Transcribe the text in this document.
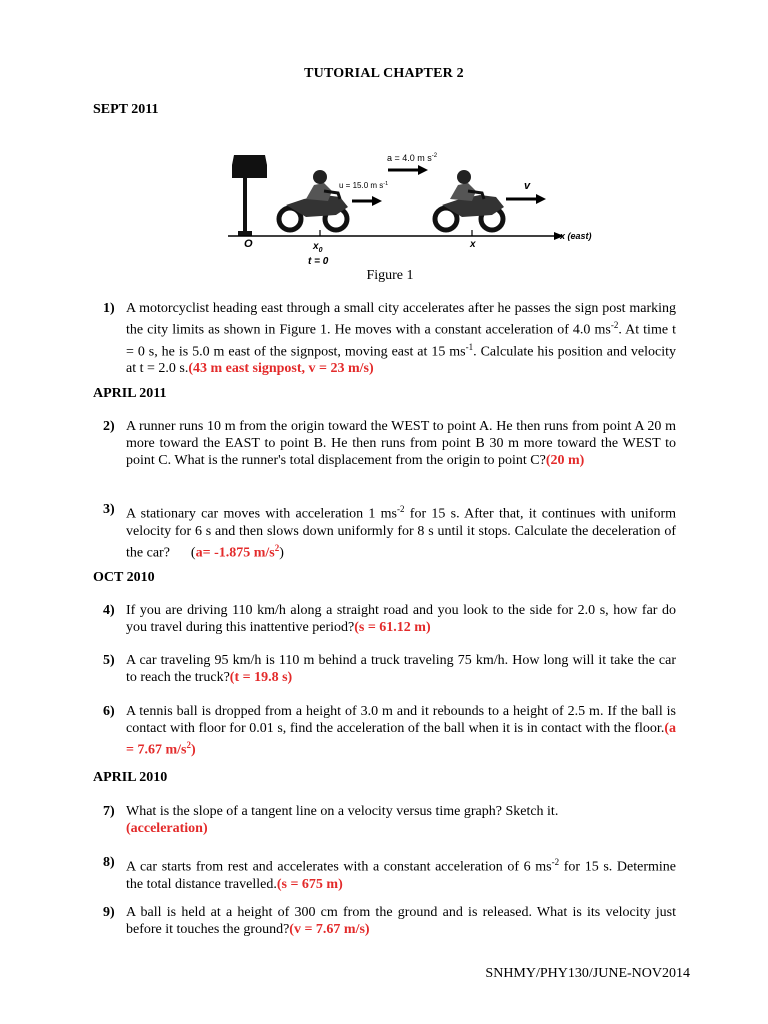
TUTORIAL CHAPTER 2
SEPT 2011
a = 4.0 m $s^{-2}$
u = 15.0 m $s^{-1}$	v
O	$x_0$
t = 0
x
x (east)
Figure 1
1) A motorcyclist heading east through a small city accelerates after he passes the sign post marking the city limits as shown in Figure 1. He moves with a constant acceleration of 4.0 $ms^{-2}$. At time t = 0 s, he is 5.0 m east of the signpost, moving east at 15 $ms^{-1}$. Calculate his position and velocity at t = 2.0 s.(43 m east signpost, v = 23 m/s)
APRIL 2011
2) A runner runs 10 m from the origin toward the WEST to point A. He then runs from point A 20 m more toward the EAST to point B. He then runs from point B 30 m more toward the WEST to point C. What is the runner's total displacement from the origin to point C?(20 m)
3) A stationary car moves with acceleration 1 $ms^{-2}$ for 15 s. After that, it continues with uniform velocity for 6 s and then slows down uniformly for 8 s until it stops. Calculate the deceleration of the car? (a= -1.875 $m/s^2$)
OCT 2010
4) If you are driving 110 km/h along a straight road and you look to the side for 2.0 s, how far do you travel during this inattentive period?(s = 61.12 m)
5) A car traveling 95 km/h is 110 m behind a truck traveling 75 km/h. How long will it take the car to reach the truck?(t = 19.8 s)
6) A tennis ball is dropped from a height of 3.0 m and it rebounds to a height of 2.5 m. If the ball is contact with floor for 0.01 s, find the acceleration of the ball when it is in contact with the floor.(a = 7.67 $m/s^2$)
APRIL 2010
7) What is the slope of a tangent line on a velocity versus time graph? Sketch it.
(acceleration)
8) A car starts from rest and accelerates with a constant acceleration of 6 $ms^{-2}$ for 15 s. Determine the total distance travelled.(s = 675 m)
9) A ball is held at a height of 300 cm from the ground and is released. What is its velocity just before it touches the ground?(v = 7.67 m/s)
SNHMY/PHY130/JUNE-NOV2014
